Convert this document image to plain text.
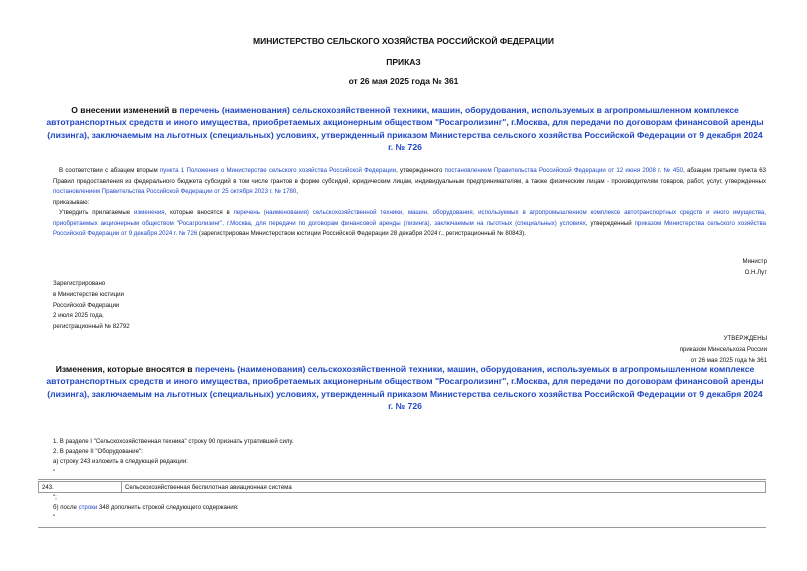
МИНИСТЕРСТВО СЕЛЬСКОГО ХОЗЯЙСТВА РОССИЙСКОЙ ФЕДЕРАЦИИ
ПРИКАЗ
от 26 мая 2025 года № 361
О внесении изменений в перечень (наименования) сельскохозяйственной техники, машин, оборудования, используемых в агропромышленном комплексе автотранспортных средств и иного имущества, приобретаемых акционерным обществом "Росагролизинг", г.Москва, для передачи по договорам финансовой аренды (лизинга), заключаемым на льготных (специальных) условиях, утвержденный приказом Министерства сельского хозяйства Российской Федерации от 9 декабря 2024 г. № 726
В соответствии с абзацем вторым пункта 1 Положения о Министерстве сельского хозяйства Российской Федерации, утвержденного постановлением Правительства Российской Федерации от 12 июня 2008 г. № 450, абзацем третьим пункта 63 Правил предоставления из федерального бюджета субсидий в том числе грантов в форме субсидий, юридическим лицам, индивидуальным предпринимателям, а также физическим лицам - производителям товаров, работ, услуг, утвержденных постановлением Правительства Российской Федерации от 25 октября 2023 г. № 1780,
приказываю:
Утвердить прилагаемые изменения, которые вносятся в перечень (наименования) сельскохозяйственной техники, машин, оборудования, используемых в агропромышленном комплексе автотранспортных средств и иного имущества, приобретаемых акционерным обществом "Росагролизинг", г.Москва, для передачи по договорам финансовой аренды (лизинга), заключаемым на льготных (специальных) условиях, утвержденный приказом Министерства сельского хозяйства Российской Федерации от 9 декабря 2024 г. № 726 (зарегистрирован Министерством юстиции Российской Федерации 28 декабря 2024 г., регистрационный № 80843).
Министр
О.Н.Лут
Зарегистрировано
в Министерстве юстиции
Российской Федерации
2 июля 2025 года,
регистрационный № 82792
УТВЕРЖДЕНЫ
приказом Минсельхоза России
от 26 мая 2025 года № 361
Изменения, которые вносятся в перечень (наименования) сельскохозяйственной техники, машин, оборудования, используемых в агропромышленном комплексе автотранспортных средств и иного имущества, приобретаемых акционерным обществом "Росагролизинг", г.Москва, для передачи по договорам финансовой аренды (лизинга), заключаемым на льготных (специальных) условиях, утвержденный приказом Министерства сельского хозяйства Российской Федерации от 9 декабря 2024 г. № 726
1. В разделе I "Сельскохозяйственная техника" строку 90 признать утратившей силу.
2. В разделе II "Оборудование":
а) строку 243 изложить в следующей редакции:
"
243.	Сельскохозяйственная беспилотная авиационная система
";
б) после строки 348 дополнить строкой следующего содержания:
"
